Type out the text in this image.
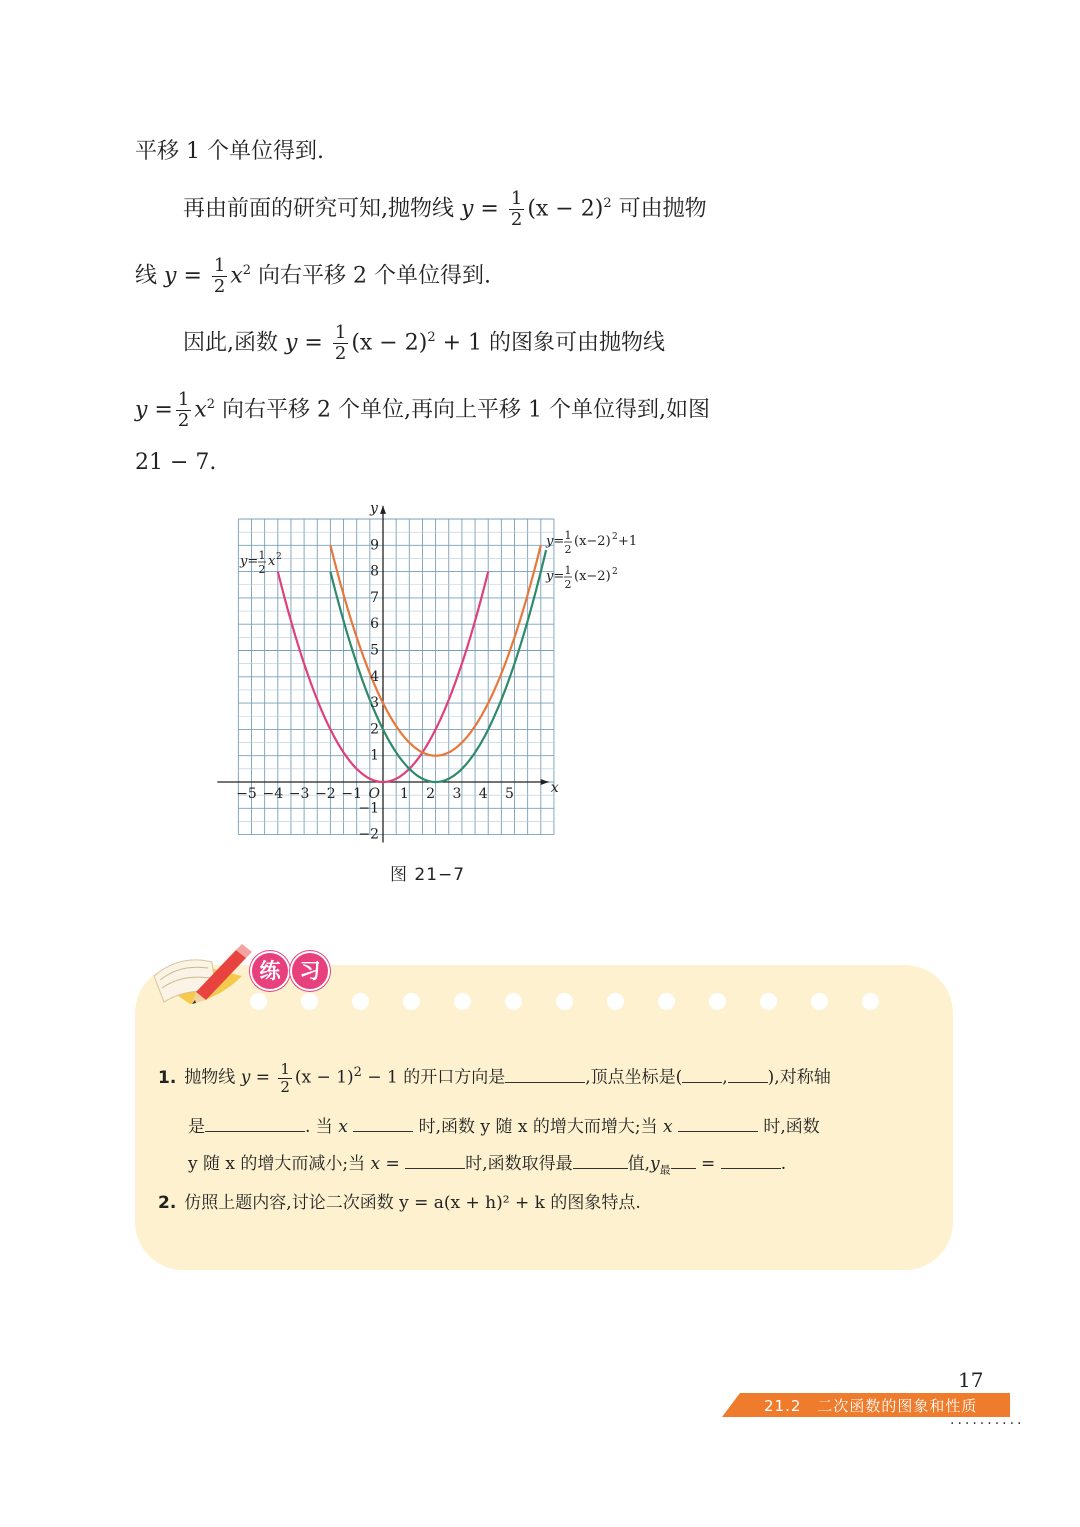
平移 1 个单位得到.
再由前面的研究可知,抛物线 $y = \frac{1}{2} (x - 2)^2$ 可由抛物
线 $y = \frac{1}{2} x^2$ 向右平移 2 个单位得到.
因此,函数 $y = \frac{1}{2} (x - 2)^2 + 1$ 的图象可由抛物线
$y = \frac{1}{2} x^2$ 向右平移 2 个单位,再向上平移 1 个单位得到,如图
21 − 7.
−5 −4 −3 −2 −1	1 2 3 4 5
9
8
7
6
5
4
3
2
1
−1
−2
O	x
y
y= 1
2
x 2
y= 1
2
(x−2) 2
y= 1
2
(x−2) 2 +1
图 21−7
练 习
1. 抛物线 $y = \frac{1}{2} (x - 1)^2 - 1$ 的开口方向是	,顶点坐标是( , ),对称轴
是	. 当 x	时,函数 y 随 x 的增大而增大;当 x	时,函数
y 随 x 的增大而减小;当 x =	时,函数取得最	值$,y_最$ =	.
2. 仿照上题内容,讨论二次函数 y = a(x + h)² + k 的图象特点.
17
21.2　二次函数的图象和性质
··········
